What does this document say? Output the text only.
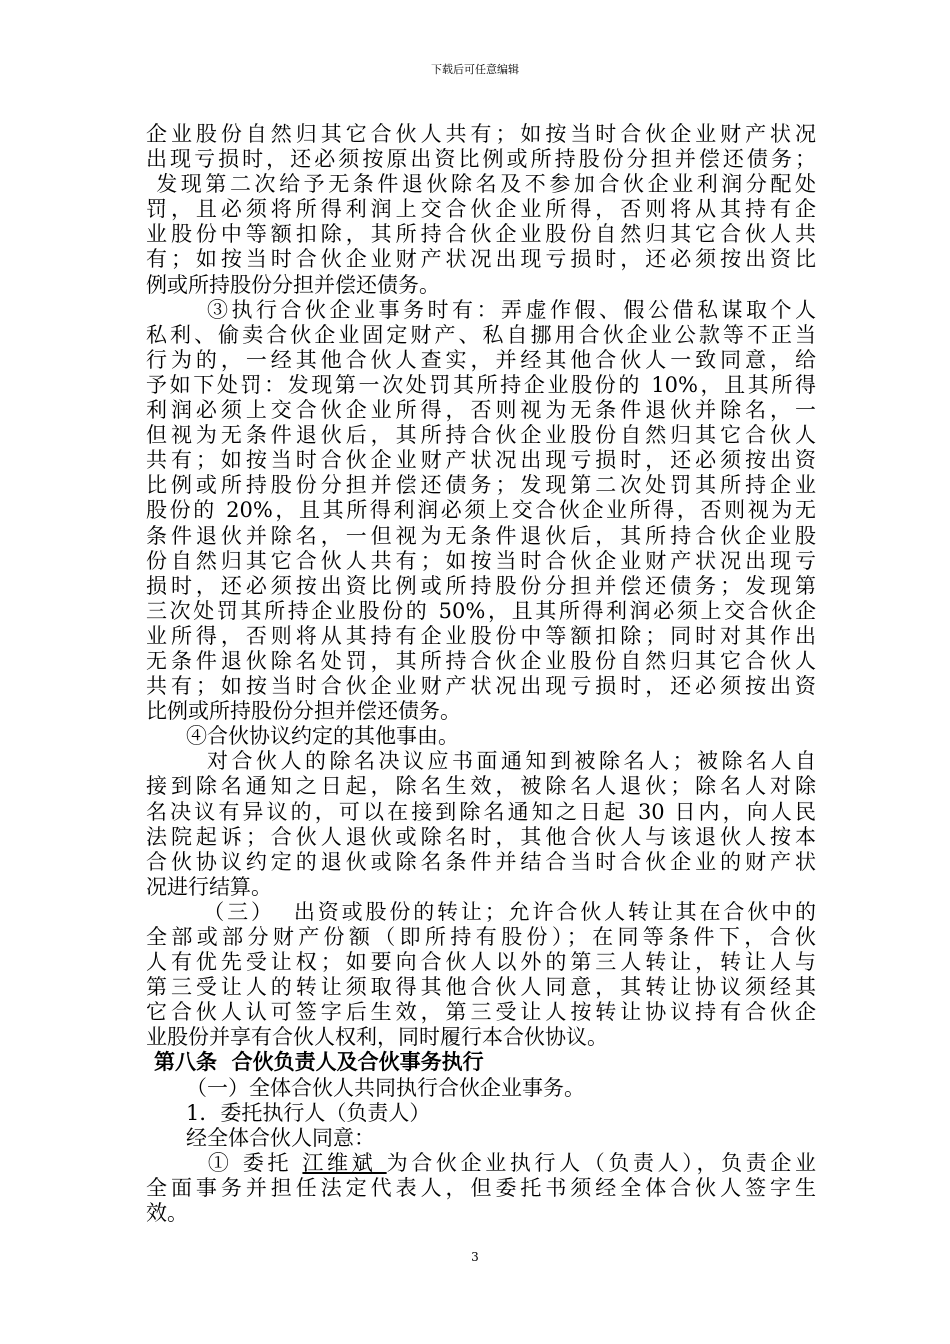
下载后可任意编辑
企业股份自然归其它合伙人共有；如按当时合伙企业财产状况
出现亏损时，还必须按原出资比例或所持股份分担并偿还债务；
发现第二次给予无条件退伙除名及不参加合伙企业利润分配处
罚，且必须将所得利润上交合伙企业所得，否则将从其持有企
业股份中等额扣除，其所持合伙企业股份自然归其它合伙人共
有；如按当时合伙企业财产状况出现亏损时，还必须按出资比
例或所持股份分担并偿还债务。
③执行合伙企业事务时有：弄虚作假、假公借私谋取个人
私利、偷卖合伙企业固定财产、私自挪用合伙企业公款等不正当
行为的，一经其他合伙人查实，并经其他合伙人一致同意，给
予如下处罚：发现第一次处罚其所持企业股份的 10%，且其所得
利润必须上交合伙企业所得，否则视为无条件退伙并除名，一
但视为无条件退伙后，其所持合伙企业股份自然归其它合伙人
共有；如按当时合伙企业财产状况出现亏损时，还必须按出资
比例或所持股份分担并偿还债务；发现第二次处罚其所持企业
股份的 20%，且其所得利润必须上交合伙企业所得，否则视为无
条件退伙并除名，一但视为无条件退伙后，其所持合伙企业股
份自然归其它合伙人共有；如按当时合伙企业财产状况出现亏
损时，还必须按出资比例或所持股份分担并偿还债务；发现第
三次处罚其所持企业股份的 50%，且其所得利润必须上交合伙企
业所得，否则将从其持有企业股份中等额扣除；同时对其作出
无条件退伙除名处罚，其所持合伙企业股份自然归其它合伙人
共有；如按当时合伙企业财产状况出现亏损时，还必须按出资
比例或所持股份分担并偿还债务。
④合伙协议约定的其他事由。
对合伙人的除名决议应书面通知到被除名人；被除名人自
接到除名通知之日起，除名生效，被除名人退伙；除名人对除
名决议有异议的，可以在接到除名通知之日起 30 日内，向人民
法院起诉；合伙人退伙或除名时，其他合伙人与该退伙人按本
合伙协议约定的退伙或除名条件并结合当时合伙企业的财产状
况进行结算。
（三）  出资或股份的转让；允许合伙人转让其在合伙中的
全部或部分财产份额（即所持有股份）；在同等条件下，合伙
人有优先受让权；如要向合伙人以外的第三人转让，转让人与
第三受让人的转让须取得其他合伙人同意，其转让协议须经其
它合伙人认可签字后生效，第三受让人按转让协议持有合伙企
业股份并享有合伙人权利，同时履行本合伙协议。
第八条  合伙负责人及合伙事务执行
（一）全体合伙人共同执行合伙企业事务。
1．委托执行人（负责人）
经全体合伙人同意：
① 委托 江维斌 为合伙企业执行人（负责人），负责企业
全面事务并担任法定代表人，但委托书须经全体合伙人签字生
效。
3
